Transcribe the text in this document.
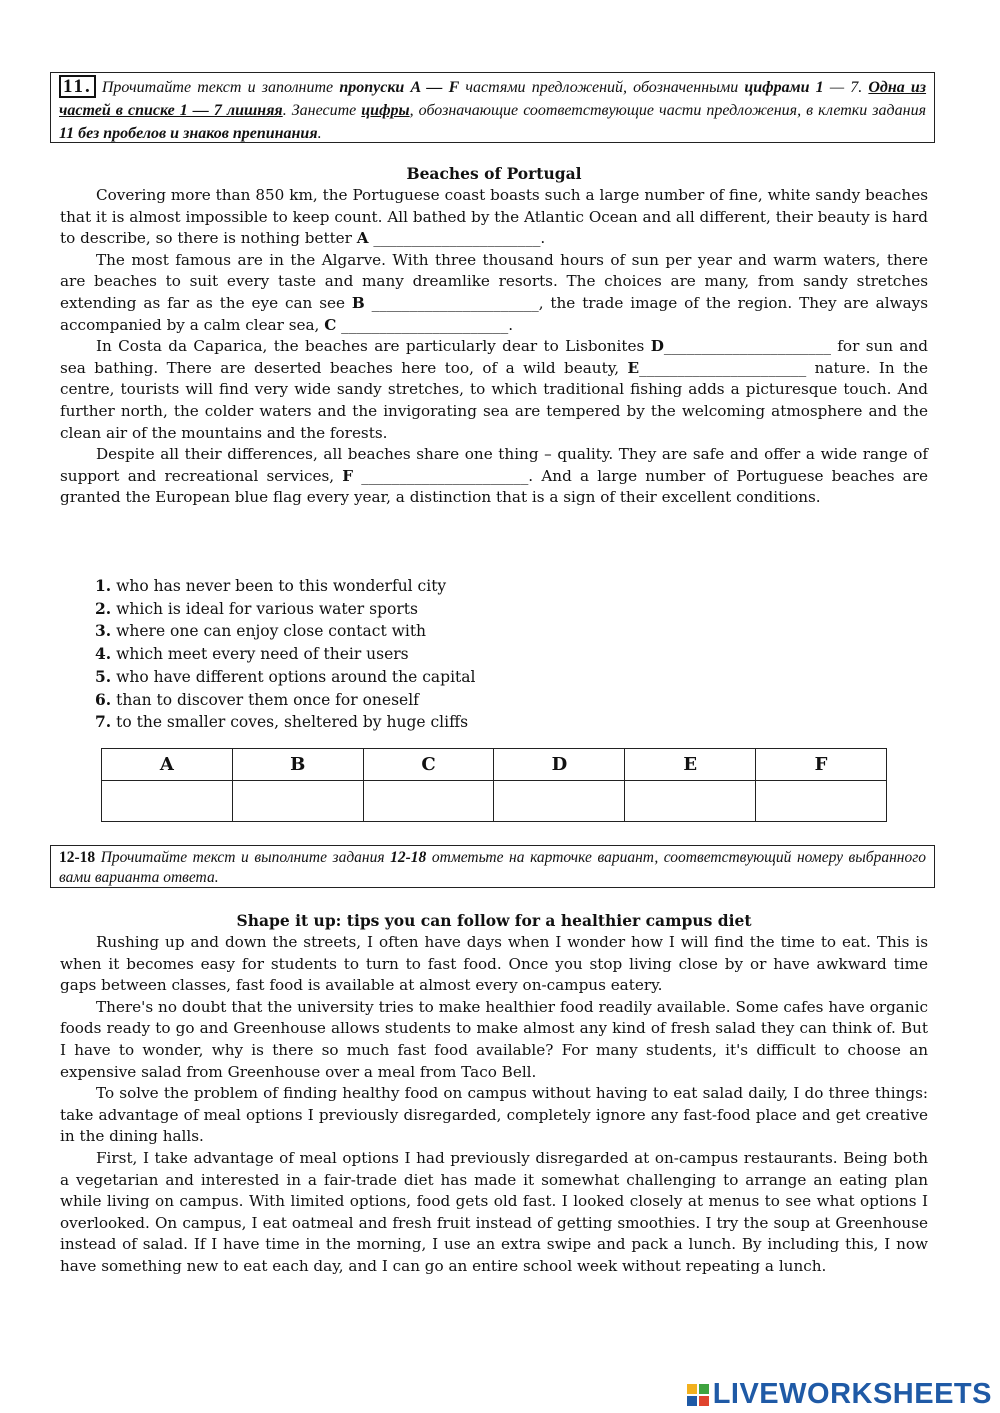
11. Прочитайте текст и заполните пропуски A — F частями предложений, обозначенными цифрами 1 — 7. Одна из частей в списке 1 — 7 лишняя. Занесите цифры, обозначающие соответствующие части предложения, в клетки задания 11 без пробелов и знаков препинания.
Beaches of Portugal

Covering more than 850 km, the Portuguese coast boasts such a large number of fine, white sandy beaches that it is almost impossible to keep count. All bathed by the Atlantic Ocean and all different, their beauty is hard to describe, so there is nothing better A ______________________.

The most famous are in the Algarve. With three thousand hours of sun per year and warm waters, there are beaches to suit every taste and many dreamlike resorts. The choices are many, from sandy stretches extending as far as the eye can see B ______________________, the trade image of the region. They are always accompanied by a calm clear sea, C ______________________.

In Costa da Caparica, the beaches are particularly dear to Lisbonites D______________________ for sun and sea bathing. There are deserted beaches here too, of a wild beauty, E______________________ nature. In the centre, tourists will find very wide sandy stretches, to which traditional fishing adds a picturesque touch. And further north, the colder waters and the invigorating sea are tempered by the welcoming atmosphere and the clean air of the mountains and the forests.

Despite all their differences, all beaches share one thing – quality. They are safe and offer a wide range of support and recreational services, F ______________________. And a large number of Portuguese beaches are granted the European blue flag every year, a distinction that is a sign of their excellent conditions.

1. who has never been to this wonderful city
2. which is ideal for various water sports
3. where one can enjoy close contact with
4. which meet every need of their users
5. who have different options around the capital
6. than to discover them once for oneself
7. to the smaller coves, sheltered by huge cliffs
A	B	C	D	E	F

12-18 Прочитайте текст и выполните задания 12-18 отметьте на карточке вариант, соответствующий номеру выбранного вами варианта ответа.
Shape it up: tips you can follow for a healthier campus diet

Rushing up and down the streets, I often have days when I wonder how I will find the time to eat. This is when it becomes easy for students to turn to fast food. Once you stop living close by or have awkward time gaps between classes, fast food is available at almost every on-campus eatery.

There's no doubt that the university tries to make healthier food readily available. Some cafes have organic foods ready to go and Greenhouse allows students to make almost any kind of fresh salad they can think of. But I have to wonder, why is there so much fast food available? For many students, it's difficult to choose an expensive salad from Greenhouse over a meal from Taco Bell.

To solve the problem of finding healthy food on campus without having to eat salad daily, I do three things: take advantage of meal options I previously disregarded, completely ignore any fast-food place and get creative in the dining halls.

First, I take advantage of meal options I had previously disregarded at on-campus restaurants. Being both a vegetarian and interested in a fair-trade diet has made it somewhat challenging to arrange an eating plan while living on campus. With limited options, food gets old fast. I looked closely at menus to see what options I overlooked. On campus, I eat oatmeal and fresh fruit instead of getting smoothies. I try the soup at Greenhouse instead of salad. If I have time in the morning, I use an extra swipe and pack a lunch. By including this, I now have something new to eat each day, and I can go an entire school week without repeating a lunch.

LIVEWORKSHEETS
